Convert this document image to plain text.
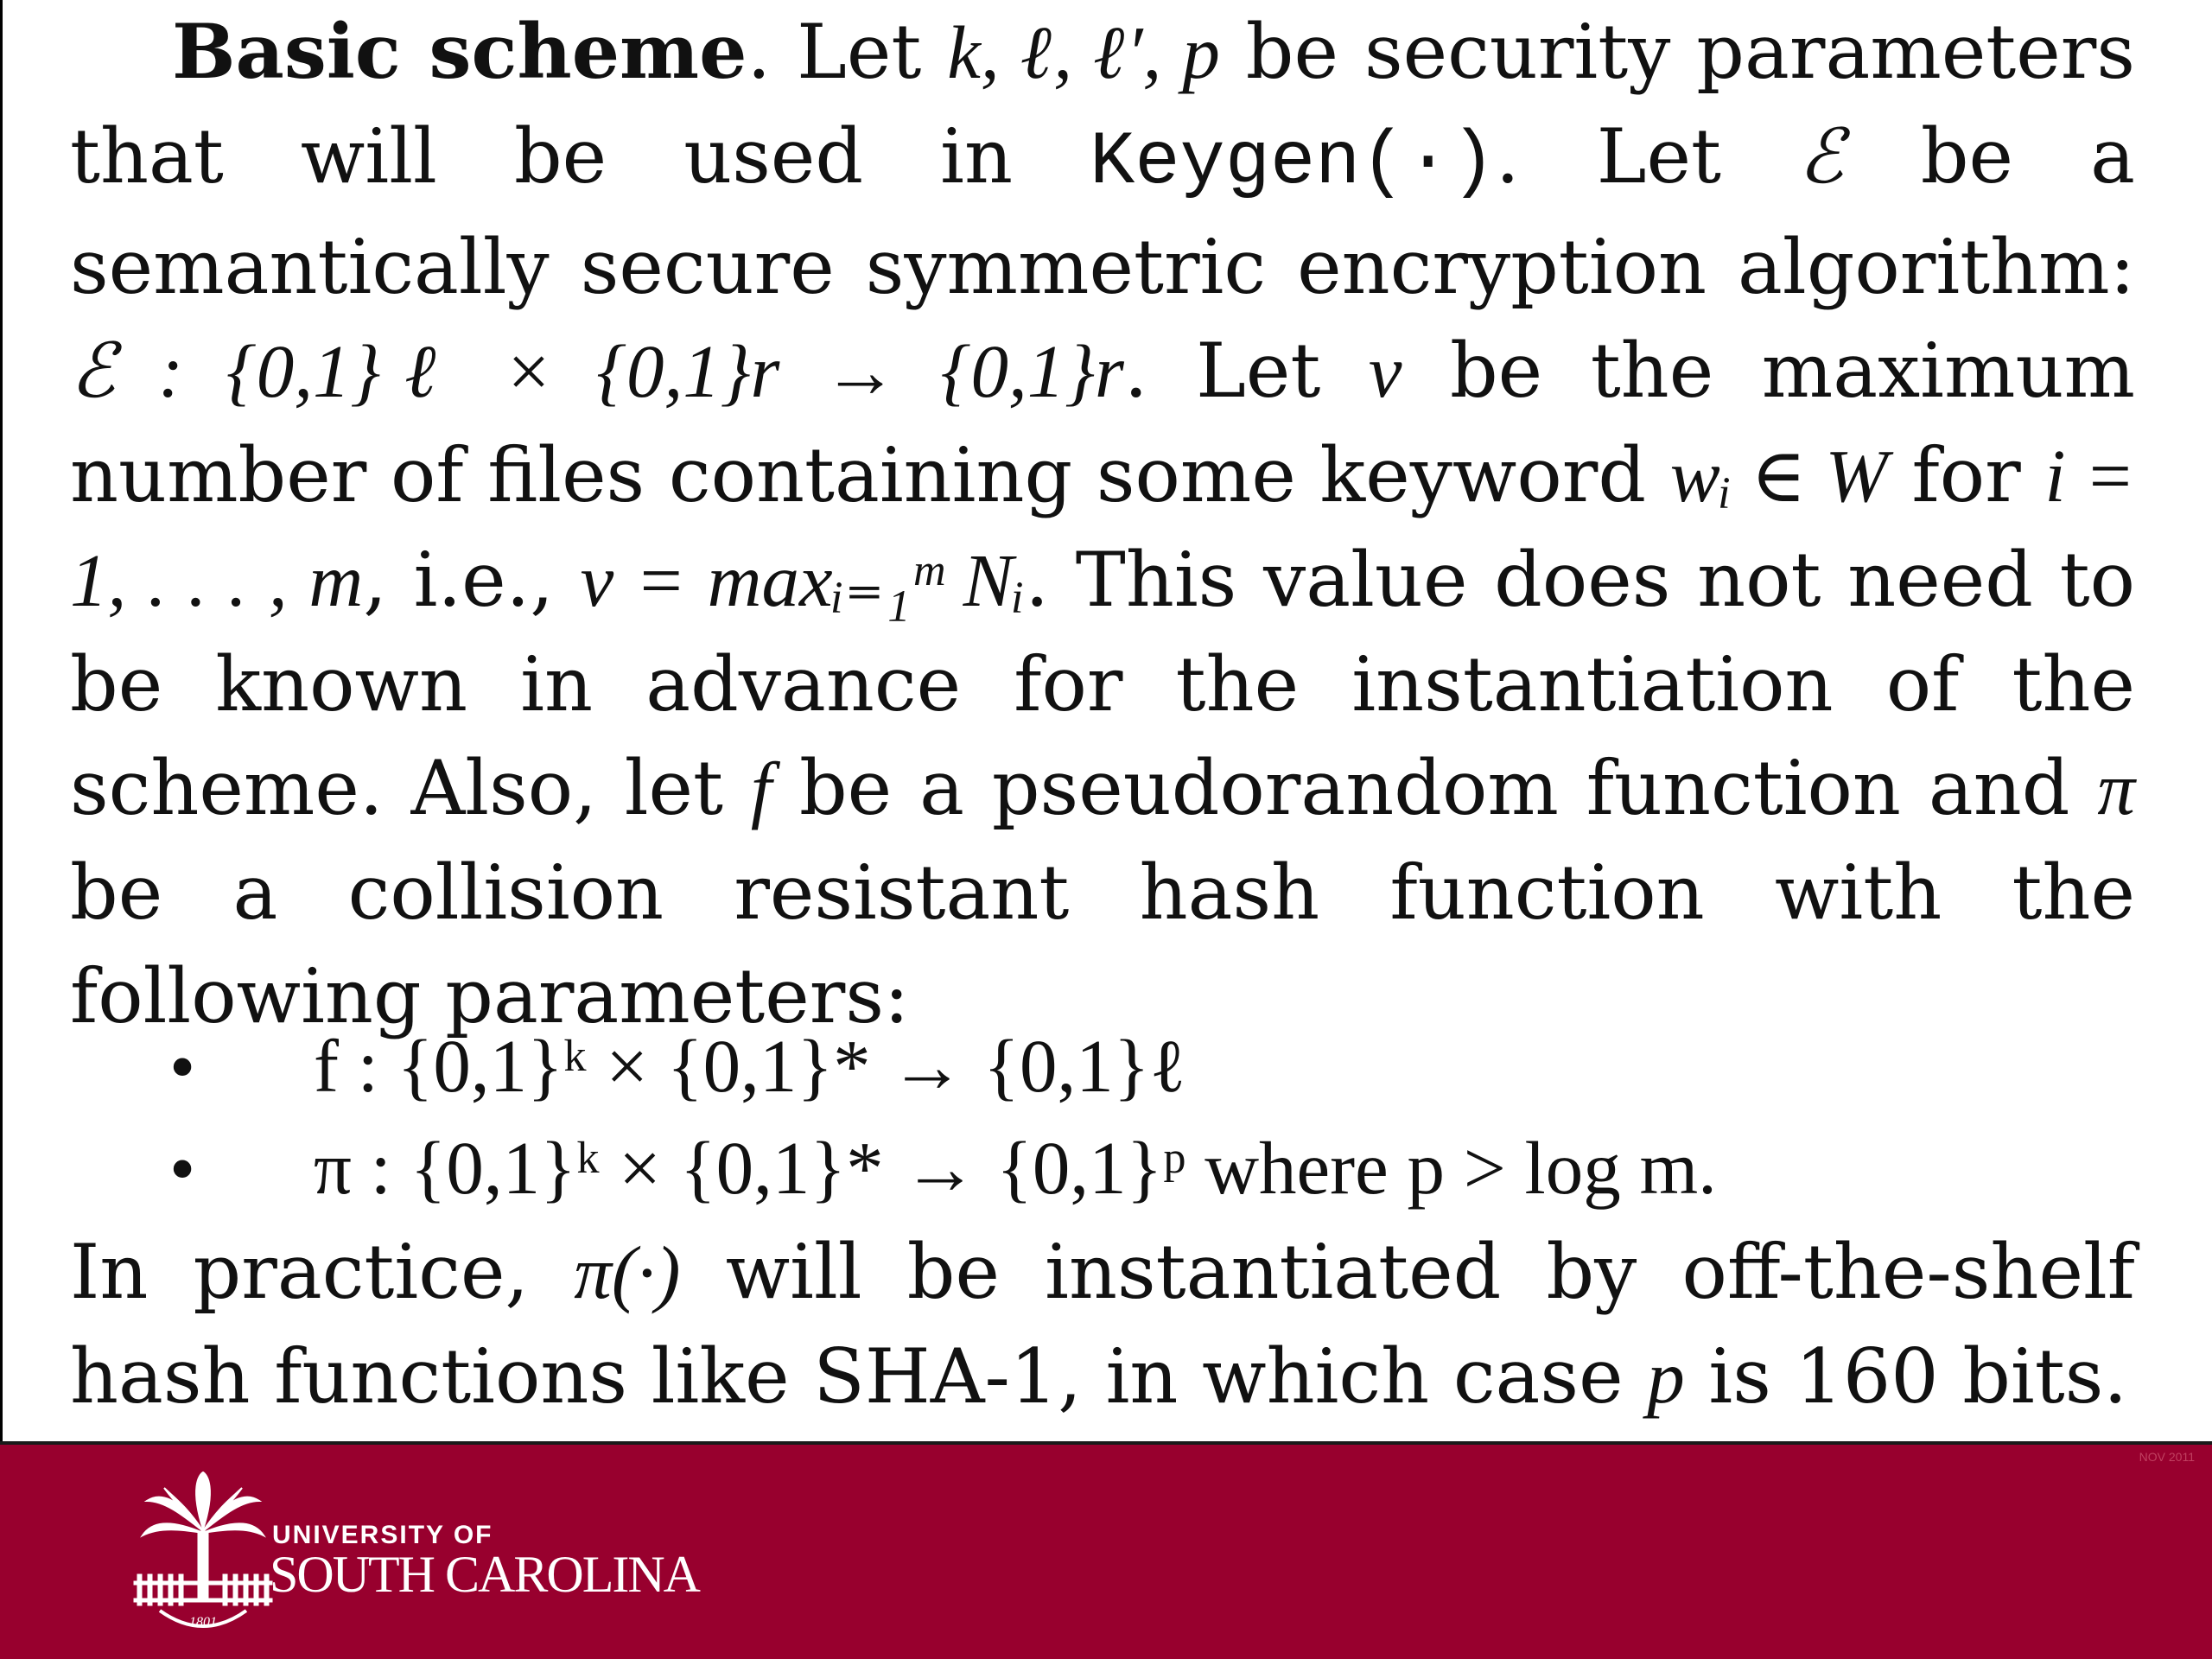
Basic scheme. Let k, ℓ, ℓ′, p be security parameters that will be used in Keygen(·). Let ℰ be a semantically secure symmetric encryption algorithm: ℰ : {0,1}ℓ × {0,1}r → {0,1}r. Let ν be the maximum number of files containing some keyword wᵢ ∈ W for i = 1, . . . , m, i.e., ν = maxᵢ₌₁ᵐ Nᵢ. This value does not need to be known in advance for the instantiation of the scheme. Also, let f be a pseudorandom function and π be a collision resistant hash function with the following parameters:

• f : {0,1}ᵏ × {0,1}* → {0,1}ℓ
• π : {0,1}ᵏ × {0,1}* → {0,1}ᵖ where p > log m.

In practice, π(·) will be instantiated by off-the-shelf hash functions like SHA-1, in which case p is 160 bits.

1801
UNIVERSITY OF
SOUTH CAROLINA
NOV 2011
